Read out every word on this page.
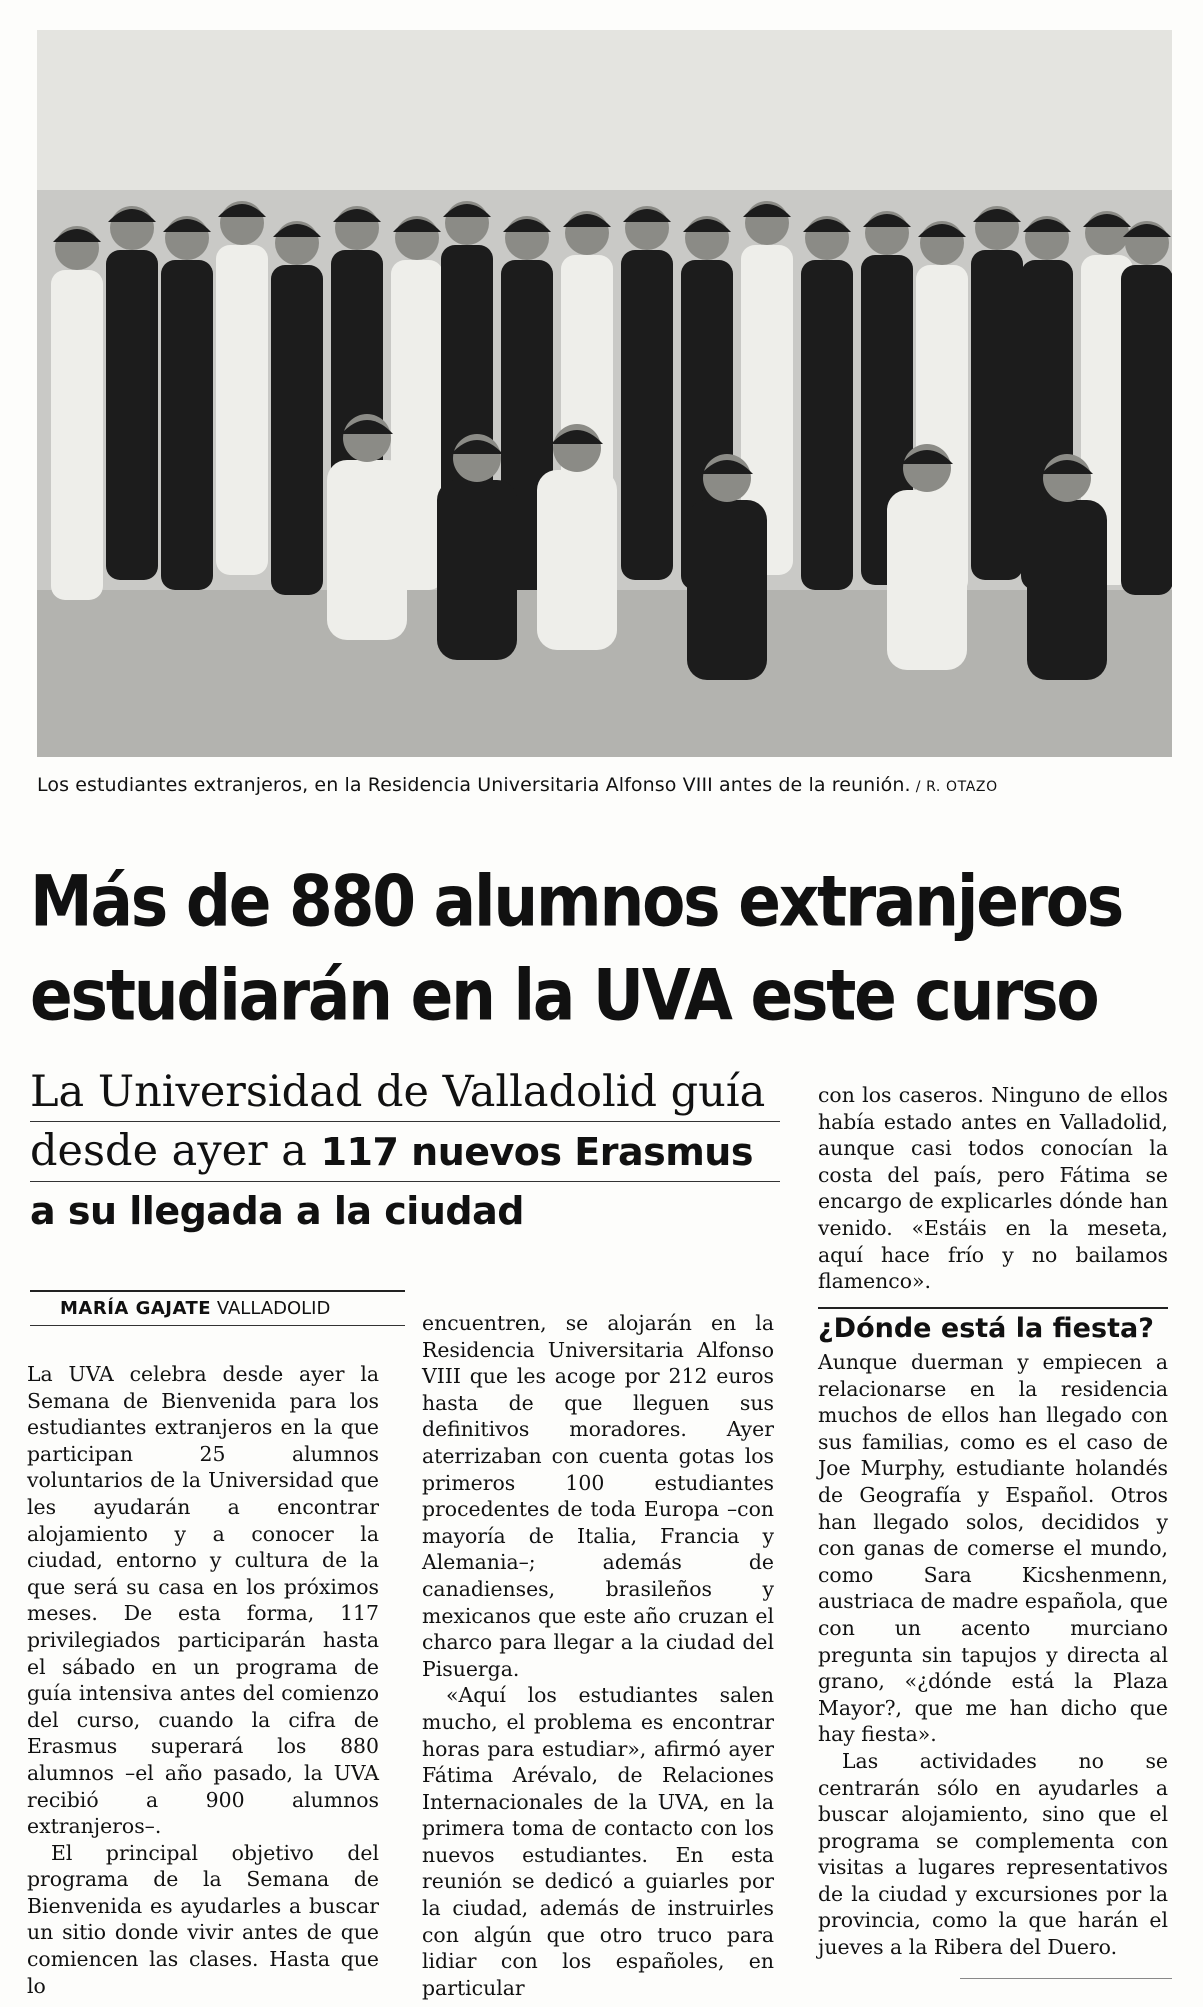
Los estudiantes extranjeros, en la Residencia Universitaria Alfonso VIII antes de la reunión. / R. OTAZO
Más de 880 alumnos extranjeros
estudiarán en la UVA este curso
La Universidad de Valladolid guía
desde ayer a 117 nuevos Erasmus
a su llegada a la ciudad
MARÍA GAJATE VALLADOLID

La UVA celebra desde ayer la Semana de Bienvenida para los estudiantes extranjeros en la que participan 25 alumnos voluntarios de la Universidad que les ayudarán a encontrar alojamiento y a conocer la ciudad, entorno y cultura de la que será su casa en los próximos meses. De esta forma, 117 privilegiados participarán hasta el sábado en un programa de guía intensiva antes del comienzo del curso, cuando la cifra de Erasmus superará los 880 alumnos –el año pasado, la UVA recibió a 900 alumnos extranjeros–.

El principal objetivo del programa de la Semana de Bienvenida es ayudarles a buscar un sitio donde vivir antes de que comiencen las clases. Hasta que lo

encuentren, se alojarán en la Residencia Universitaria Alfonso VIII que les acoge por 212 euros hasta de que lleguen sus definitivos moradores. Ayer aterrizaban con cuenta gotas los primeros 100 estudiantes procedentes de toda Europa –con mayoría de Italia, Francia y Alemania–; además de canadienses, brasileños y mexicanos que este año cruzan el charco para llegar a la ciudad del Pisuerga.

«Aquí los estudiantes salen mucho, el problema es encontrar horas para estudiar», afirmó ayer Fátima Arévalo, de Relaciones Internacionales de la UVA, en la primera toma de contacto con los nuevos estudiantes. En esta reunión se dedicó a guiarles por la ciudad, además de instruirles con algún que otro truco para lidiar con los españoles, en particular

con los caseros. Ninguno de ellos había estado antes en Valladolid, aunque casi todos conocían la costa del país, pero Fátima se encargo de explicarles dónde han venido. «Estáis en la meseta, aquí hace frío y no bailamos flamenco».
¿Dónde está la fiesta?

Aunque duerman y empiecen a relacionarse en la residencia muchos de ellos han llegado con sus familias, como es el caso de Joe Murphy, estudiante holandés de Geografía y Español. Otros han llegado solos, decididos y con ganas de comerse el mundo, como Sara Kicshenmenn, austriaca de madre española, que con un acento murciano pregunta sin tapujos y directa al grano, «¿dónde está la Plaza Mayor?, que me han dicho que hay fiesta».

Las actividades no se centrarán sólo en ayudarles a buscar alojamiento, sino que el programa se complementa con visitas a lugares representativos de la ciudad y excursiones por la provincia, como la que harán el jueves a la Ribera del Duero.
